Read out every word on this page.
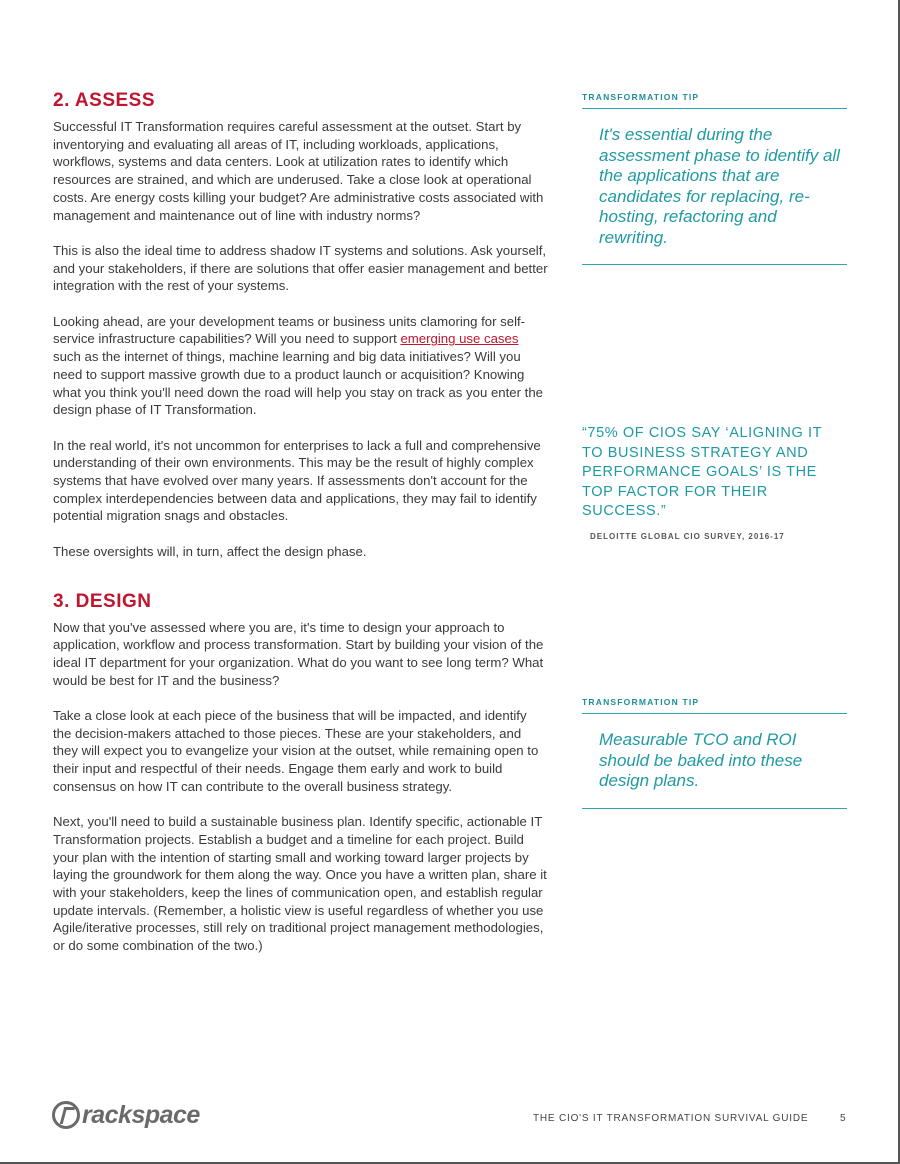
2. ASSESS

Successful IT Transformation requires careful assessment at the outset. Start by inventorying and evaluating all areas of IT, including workloads, applications, workflows, systems and data centers. Look at utilization rates to identify which resources are strained, and which are underused. Take a close look at operational costs. Are energy costs killing your budget? Are administrative costs associated with management and maintenance out of line with industry norms?

This is also the ideal time to address shadow IT systems and solutions. Ask yourself, and your stakeholders, if there are solutions that offer easier management and better integration with the rest of your systems.

Looking ahead, are your development teams or business units clamoring for self-service infrastructure capabilities? Will you need to support emerging use cases such as the internet of things, machine learning and big data initiatives? Will you need to support massive growth due to a product launch or acquisition? Knowing what you think you'll need down the road will help you stay on track as you enter the design phase of IT Transformation.

In the real world, it's not uncommon for enterprises to lack a full and comprehensive understanding of their own environments. This may be the result of highly complex systems that have evolved over many years. If assessments don't account for the complex interdependencies between data and applications, they may fail to identify potential migration snags and obstacles.

These oversights will, in turn, affect the design phase.

3. DESIGN

Now that you've assessed where you are, it's time to design your approach to application, workflow and process transformation. Start by building your vision of the ideal IT department for your organization. What do you want to see long term? What would be best for IT and the business?

Take a close look at each piece of the business that will be impacted, and identify the decision-makers attached to those pieces. These are your stakeholders, and they will expect you to evangelize your vision at the outset, while remaining open to their input and respectful of their needs. Engage them early and work to build consensus on how IT can contribute to the overall business strategy.

Next, you'll need to build a sustainable business plan. Identify specific, actionable IT Transformation projects. Establish a budget and a timeline for each project. Build your plan with the intention of starting small and working toward larger projects by laying the groundwork for them along the way. Once you have a written plan, share it with your stakeholders, keep the lines of communication open, and establish regular update intervals. (Remember, a holistic view is useful regardless of whether you use Agile/iterative processes, still rely on traditional project management methodologies, or do some combination of the two.)

TRANSFORMATION TIP
It's essential during the assessment phase to identify all the applications that are candidates for replacing, re-hosting, refactoring and rewriting.
“75% OF CIOS SAY ‘ALIGNING IT TO BUSINESS STRATEGY AND PERFORMANCE GOALS’ IS THE TOP FACTOR FOR THEIR SUCCESS.”
DELOITTE GLOBAL CIO SURVEY, 2016-17
TRANSFORMATION TIP
Measurable TCO and ROI should be baked into these design plans.
rackspace	THE CIO'S IT TRANSFORMATION SURVIVAL GUIDE	5
